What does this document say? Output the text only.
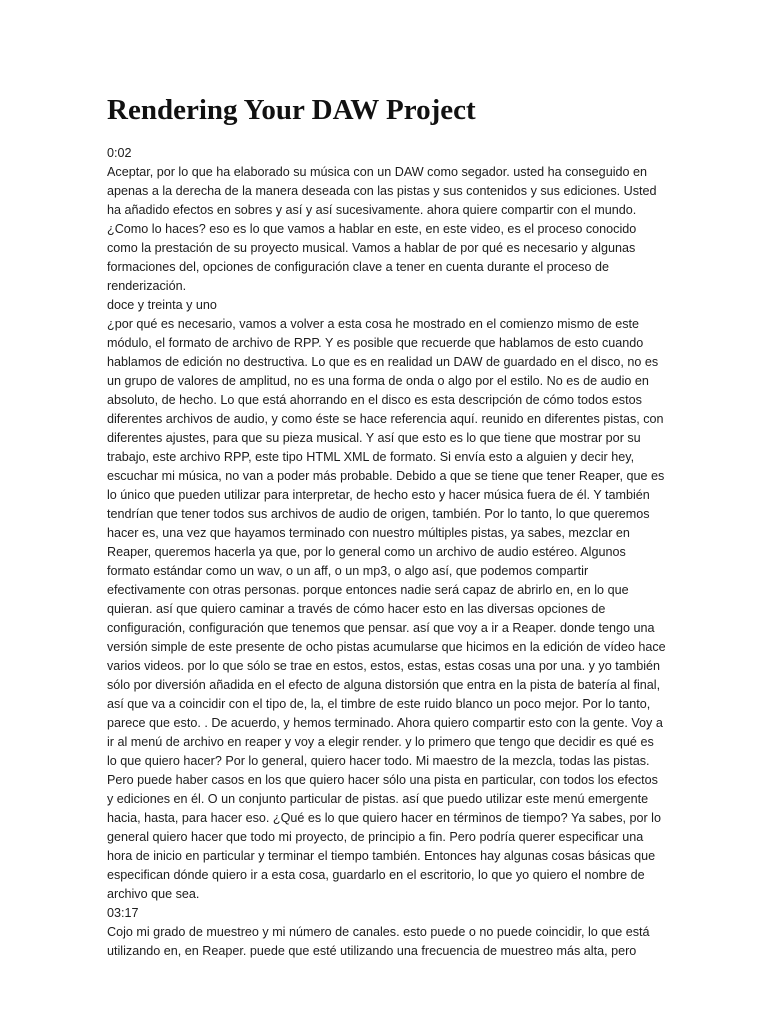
Rendering Your DAW Project

0:02

Aceptar, por lo que ha elaborado su música con un DAW como segador. usted ha conseguido en apenas a la derecha de la manera deseada con las pistas y sus contenidos y sus ediciones. Usted ha añadido efectos en sobres y así y así sucesivamente. ahora quiere compartir con el mundo. ¿Como lo haces? eso es lo que vamos a hablar en este, en este video, es el proceso conocido como la prestación de su proyecto musical. Vamos a hablar de por qué es necesario y algunas formaciones del, opciones de configuración clave a tener en cuenta durante el proceso de renderización.

doce y treinta y uno

¿por qué es necesario, vamos a volver a esta cosa he mostrado en el comienzo mismo de este módulo, el formato de archivo de RPP. Y es posible que recuerde que hablamos de esto cuando hablamos de edición no destructiva. Lo que es en realidad un DAW de guardado en el disco, no es un grupo de valores de amplitud, no es una forma de onda o algo por el estilo. No es de audio en absoluto, de hecho. Lo que está ahorrando en el disco es esta descripción de cómo todos estos diferentes archivos de audio, y como éste se hace referencia aquí. reunido en diferentes pistas, con diferentes ajustes, para que su pieza musical. Y así que esto es lo que tiene que mostrar por su trabajo, este archivo RPP, este tipo HTML XML de formato. Si envía esto a alguien y decir hey, escuchar mi música, no van a poder más probable. Debido a que se tiene que tener Reaper, que es lo único que pueden utilizar para interpretar, de hecho esto y hacer música fuera de él. Y también tendrían que tener todos sus archivos de audio de origen, también. Por lo tanto, lo que queremos hacer es, una vez que hayamos terminado con nuestro múltiples pistas, ya sabes, mezclar en Reaper, queremos hacerla ya que, por lo general como un archivo de audio estéreo. Algunos formato estándar como un wav, o un aff, o un mp3, o algo así, que podemos compartir efectivamente con otras personas. porque entonces nadie será capaz de abrirlo en, en lo que quieran. así que quiero caminar a través de cómo hacer esto en las diversas opciones de configuración, configuración que tenemos que pensar. así que voy a ir a Reaper. donde tengo una versión simple de este presente de ocho pistas acumularse que hicimos en la edición de vídeo hace varios videos. por lo que sólo se trae en estos, estos, estas, estas cosas una por una. y yo también sólo por diversión añadida en el efecto de alguna distorsión que entra en la pista de batería al final, así que va a coincidir con el tipo de, la, el timbre de este ruido blanco un poco mejor. Por lo tanto, parece que esto. . De acuerdo, y hemos terminado. Ahora quiero compartir esto con la gente. Voy a ir al menú de archivo en reaper y voy a elegir render. y lo primero que tengo que decidir es qué es lo que quiero hacer? Por lo general, quiero hacer todo. Mi maestro de la mezcla, todas las pistas. Pero puede haber casos en los que quiero hacer sólo una pista en particular, con todos los efectos y ediciones en él. O un conjunto particular de pistas. así que puedo utilizar este menú emergente hacia, hasta, para hacer eso. ¿Qué es lo que quiero hacer en términos de tiempo? Ya sabes, por lo general quiero hacer que todo mi proyecto, de principio a fin. Pero podría querer especificar una hora de inicio en particular y terminar el tiempo también. Entonces hay algunas cosas básicas que especifican dónde quiero ir a esta cosa, guardarlo en el escritorio, lo que yo quiero el nombre de archivo que sea.

03:17

Cojo mi grado de muestreo y mi número de canales. esto puede o no puede coincidir, lo que está utilizando en, en Reaper. puede que esté utilizando una frecuencia de muestreo más alta, pero
